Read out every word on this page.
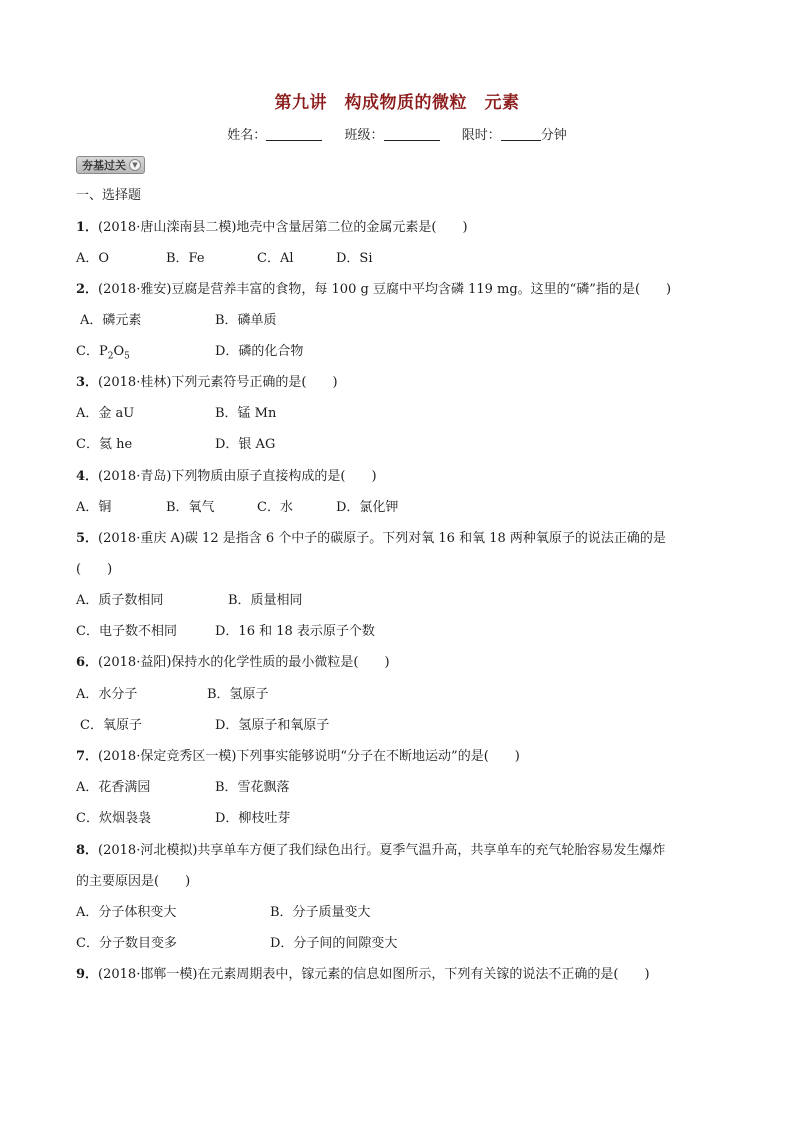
第九讲　构成物质的微粒　元素
姓名：	班级：	限时：	分钟
夯基过关 ▼
一、选择题
1．(2018·唐山滦南县二模)地壳中含量居第二位的金属元素是(　　)
A．O	B．Fe	C．Al	D．Si
2．(2018·雅安)豆腐是营养丰富的食物，每 100 g 豆腐中平均含磷 119 mg。这里的“磷”指的是(　　)
A．磷元素	B．磷单质
C．$P_2O_5$	D．磷的化合物
3．(2018·桂林)下列元素符号正确的是(　　)
A．金 aU	B．锰 Mn
C．氦 he	D．银 AG
4．(2018·青岛)下列物质由原子直接构成的是(　　)
A．铜	B．氧气	C．水	D．氯化钾
5．(2018·重庆 A)碳 12 是指含 6 个中子的碳原子。下列对氧 16 和氧 18 两种氧原子的说法正确的是
(　　)
A．质子数相同	B．质量相同
C．电子数不相同	D．16 和 18 表示原子个数
6．(2018·益阳)保持水的化学性质的最小微粒是(　　)
A．水分子	B．氢原子
C．氧原子	D．氢原子和氧原子
7．(2018·保定竞秀区一模)下列事实能够说明“分子在不断地运动”的是(　　)
A．花香满园	B．雪花飘落
C．炊烟袅袅	D．柳枝吐芽
8．(2018·河北模拟)共享单车方便了我们绿色出行。夏季气温升高，共享单车的充气轮胎容易发生爆炸
的主要原因是(　　)
A．分子体积变大	B．分子质量变大
C．分子数目变多	D．分子间的间隙变大
9．(2018·邯郸一模)在元素周期表中，镓元素的信息如图所示，下列有关镓的说法不正确的是(　　)
